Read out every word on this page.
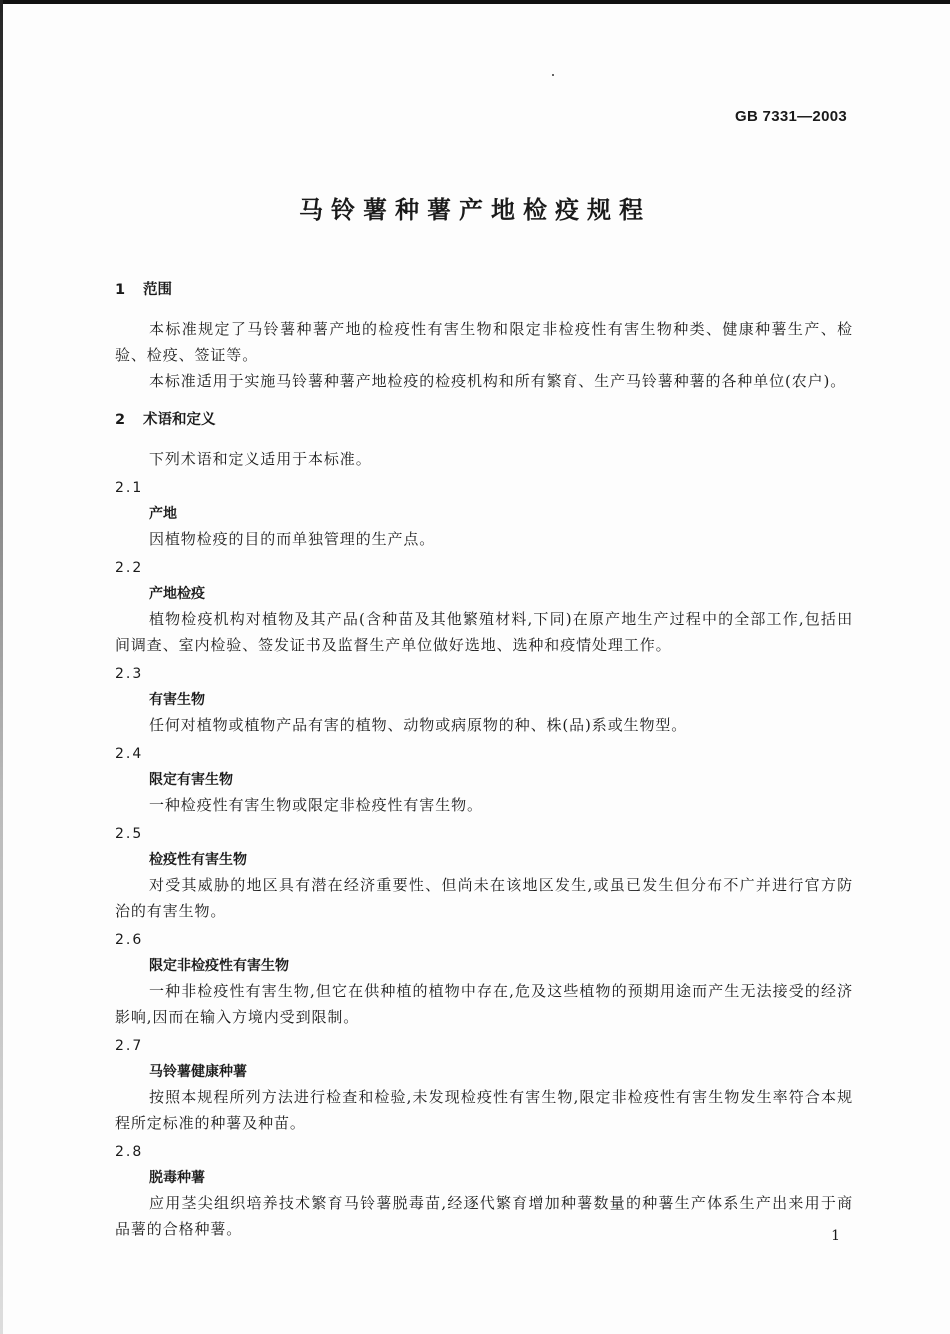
GB 7331—2003
马铃薯种薯产地检疫规程
1 范围

本标准规定了马铃薯种薯产地的检疫性有害生物和限定非检疫性有害生物种类、健康种薯生产、检验、检疫、签证等。

本标准适用于实施马铃薯种薯产地检疫的检疫机构和所有繁育、生产马铃薯种薯的各种单位(农户)。

2 术语和定义

下列术语和定义适用于本标准。

2.1
产地

因植物检疫的目的而单独管理的生产点。

2.2
产地检疫

植物检疫机构对植物及其产品(含种苗及其他繁殖材料,下同)在原产地生产过程中的全部工作,包括田间调查、室内检验、签发证书及监督生产单位做好选地、选种和疫情处理工作。

2.3
有害生物

任何对植物或植物产品有害的植物、动物或病原物的种、株(品)系或生物型。

2.4
限定有害生物

一种检疫性有害生物或限定非检疫性有害生物。

2.5
检疫性有害生物

对受其威胁的地区具有潜在经济重要性、但尚未在该地区发生,或虽已发生但分布不广并进行官方防治的有害生物。

2.6
限定非检疫性有害生物

一种非检疫性有害生物,但它在供种植的植物中存在,危及这些植物的预期用途而产生无法接受的经济影响,因而在输入方境内受到限制。

2.7
马铃薯健康种薯

按照本规程所列方法进行检查和检验,未发现检疫性有害生物,限定非检疫性有害生物发生率符合本规程所定标准的种薯及种苗。

2.8
脱毒种薯

应用茎尖组织培养技术繁育马铃薯脱毒苗,经逐代繁育增加种薯数量的种薯生产体系生产出来用于商品薯的合格种薯。	1
